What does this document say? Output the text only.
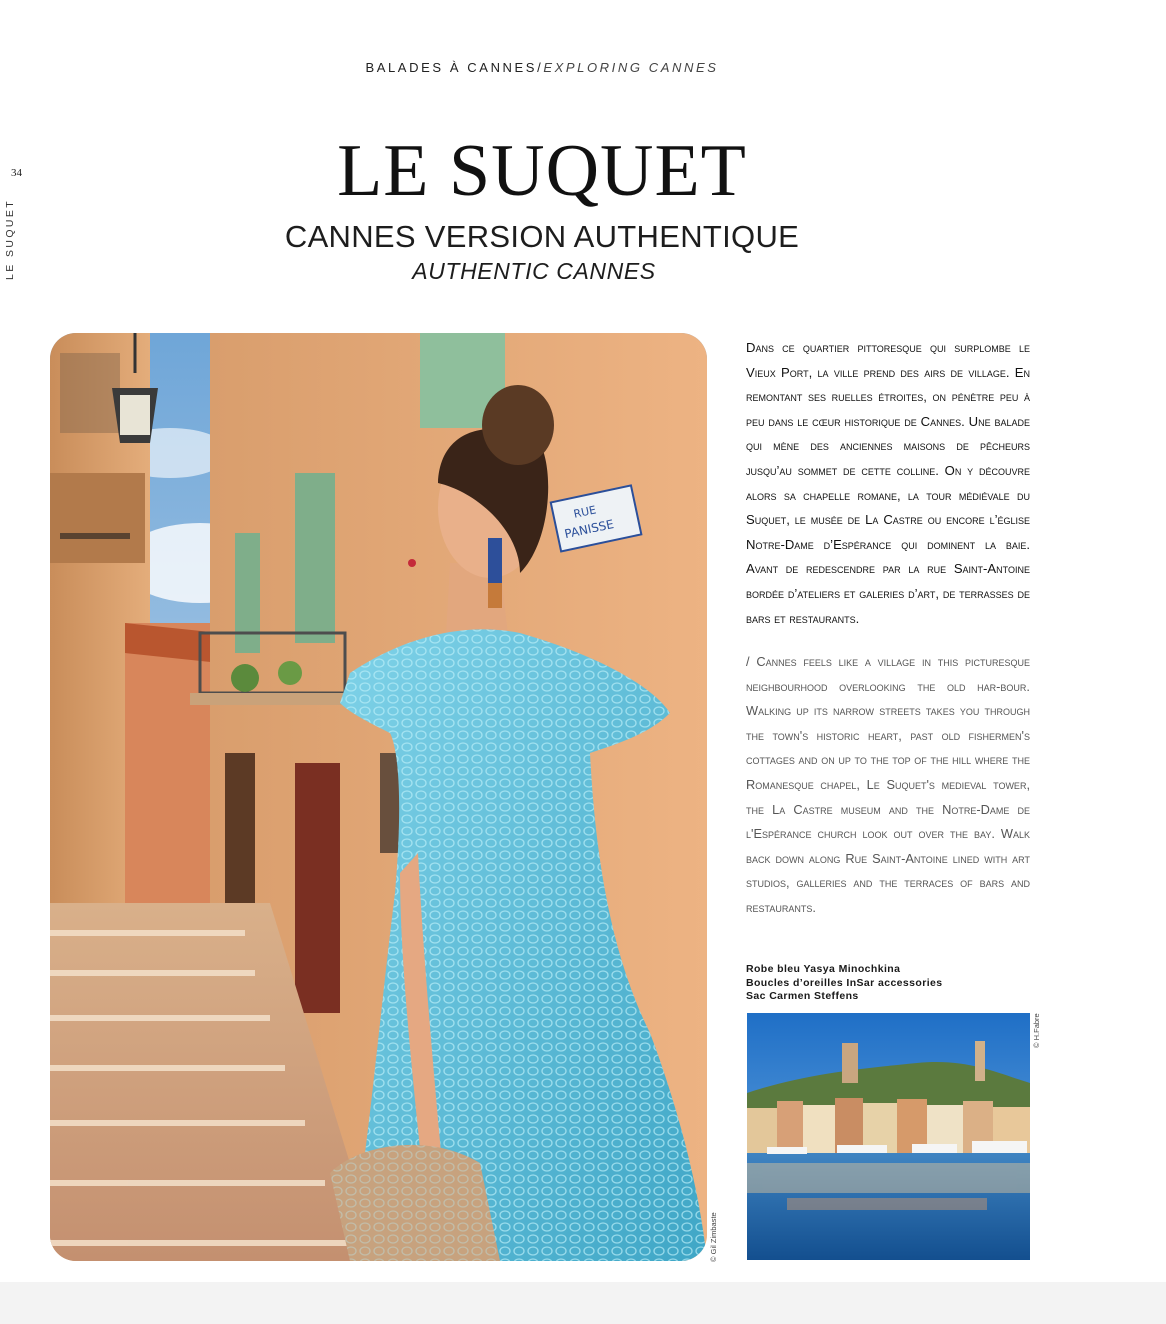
BALADES À CANNES/EXPLORING CANNES
34
LE SUQUET
LE SUQUET
CANNES VERSION AUTHENTIQUE
AUTHENTIC CANNES
RUE
PANISSE
© Gil Zimbaste
Dans ce quartier pittoresque qui surplombe le Vieux Port, la ville prend des airs de village. En remontant ses ruelles étroites, on pénètre peu à peu dans le cœur historique de Cannes. Une balade qui mène des anciennes maisons de pêcheurs jusqu’au sommet de cette colline. On y découvre alors sa chapelle romane, la tour médiévale du Suquet, le musée de La Castre ou encore l’église Notre-Dame d’Espérance qui dominent la baie. Avant de redescendre par la rue Saint-Antoine bordée d’ateliers et galeries d’art, de terrasses de bars et restaurants.
/ Cannes feels like a village in this picturesque neighbourhood overlooking the old har-bour. Walking up its narrow streets takes you through the town's historic heart, past old fishermen's cottages and on up to the top of the hill where the Romanesque chapel, Le Suquet's medieval tower, the La Castre museum and the Notre-Dame de l'Espérance church look out over the bay. Walk back down along Rue Saint-Antoine lined with art studios, galleries and the terraces of bars and restaurants.
Robe bleu Yasya Minochkina
Boucles d’oreilles InSar accessories
Sac Carmen Steffens
© H.Fabre
